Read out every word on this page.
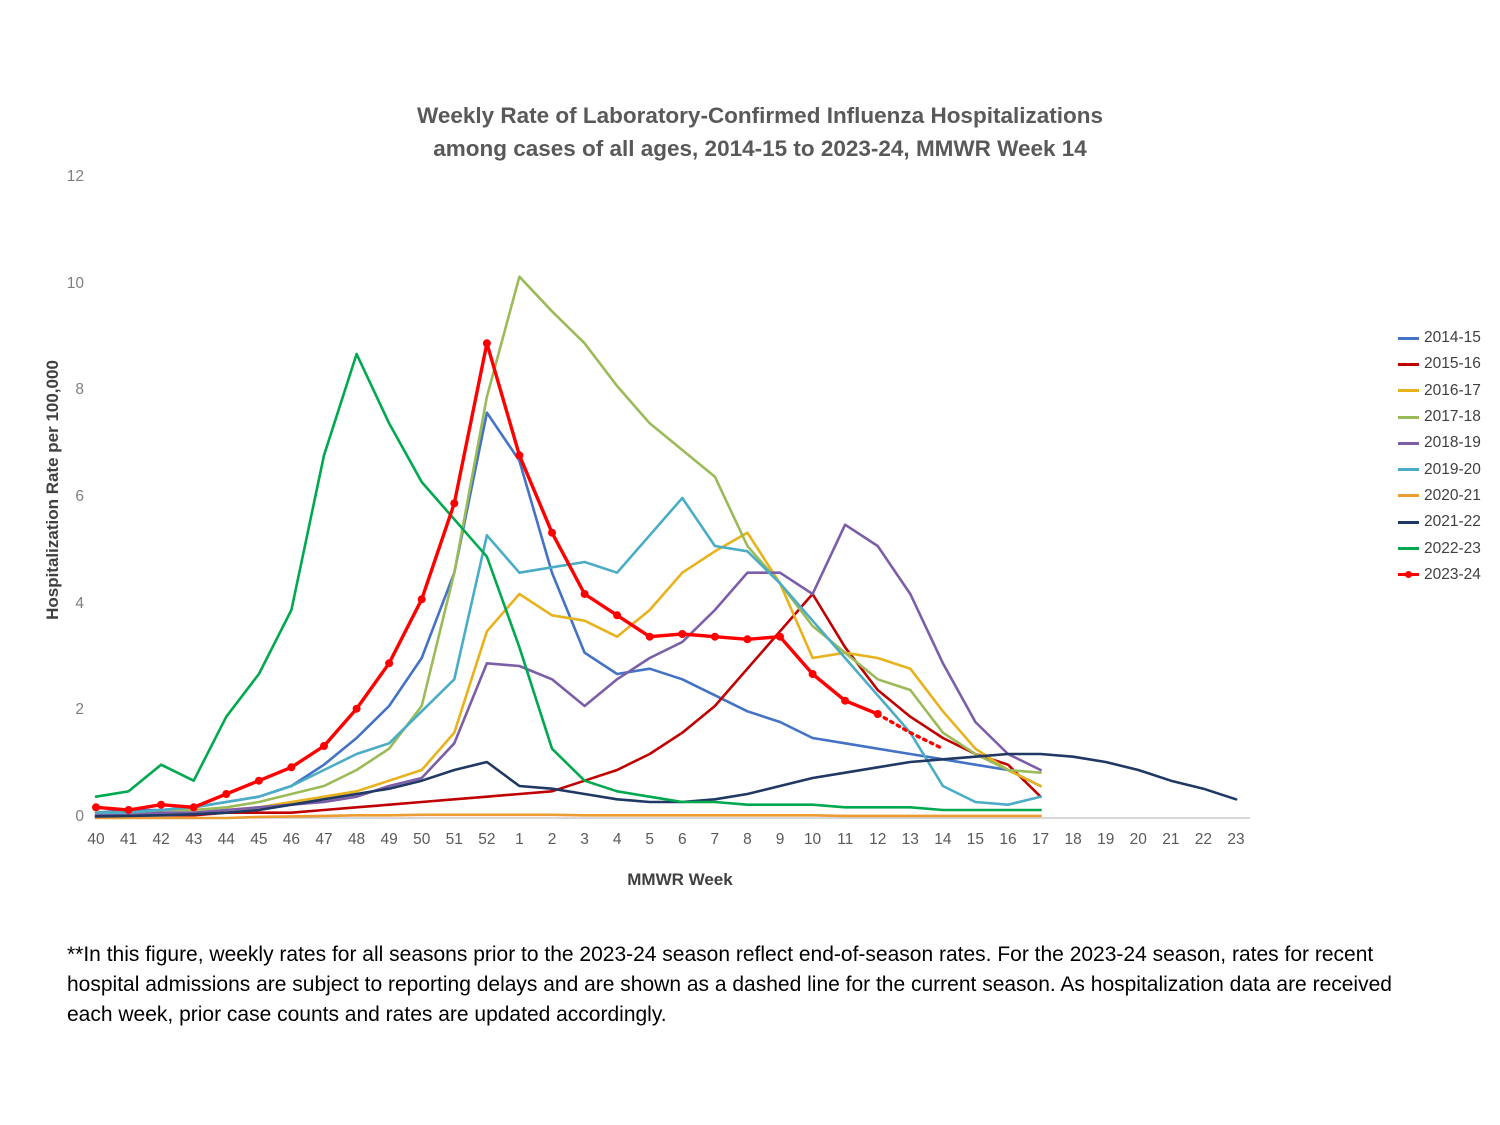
Weekly Rate of Laboratory-Confirmed Influenza Hospitalizations
among cases of all ages, 2014-15 to 2023-24, MMWR Week 14
Hospitalization Rate per 100,000
MMWR Week
0
2
4
6
8
10
12
40 41 42 43 44 45 46 47 48 49 50 51 52	1	2	3	4	5	6	7	8	9	10	11	12 13 14 15 16 17 18 19 20 21 22 23
2014-15
2015-16
2016-17
2017-18
2018-19
2019-20
2020-21
2021-22
2022-23
2023-24
**In this figure, weekly rates for all seasons prior to the 2023-24 season reflect end-of-season rates. For the 2023-24 season, rates for recent hospital admissions are subject to reporting delays and are shown as a dashed line for the current season. As hospitalization data are received each week, prior case counts and rates are updated accordingly.
